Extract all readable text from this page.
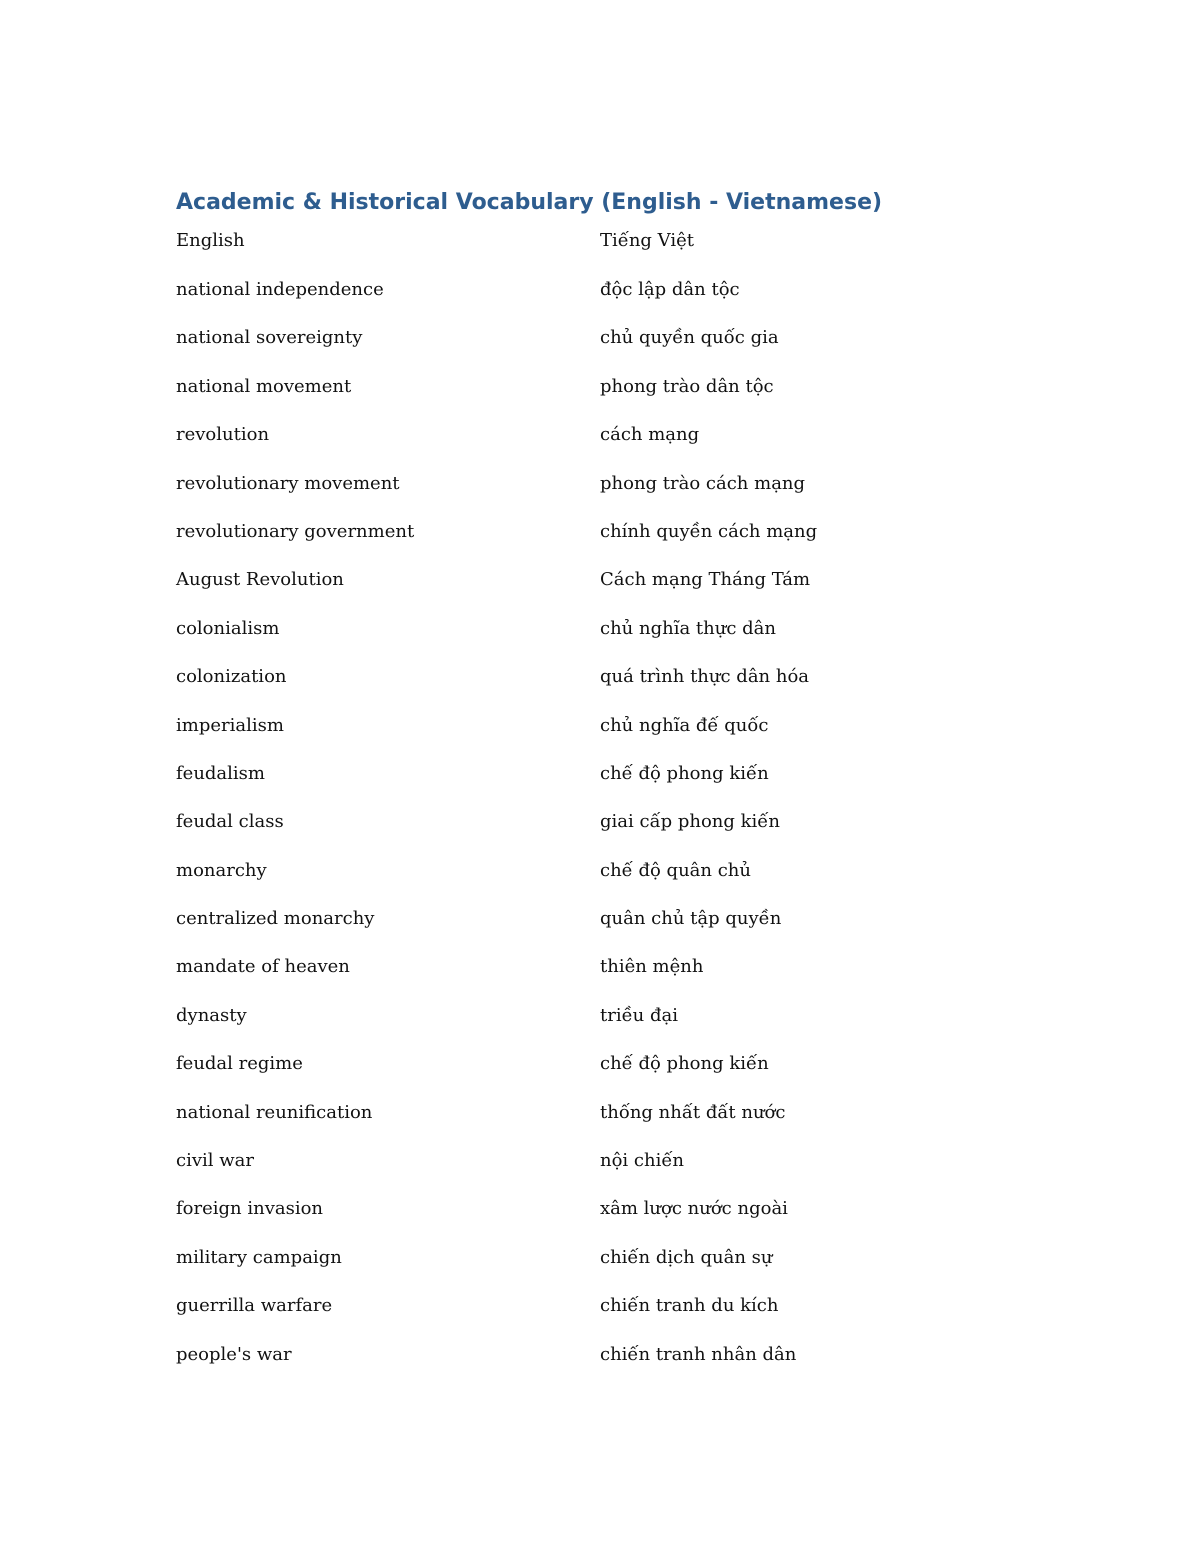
Academic & Historical Vocabulary (English - Vietnamese)
English	Tiếng Việt
national independence	độc lập dân tộc
national sovereignty	chủ quyền quốc gia
national movement	phong trào dân tộc
revolution	cách mạng
revolutionary movement	phong trào cách mạng
revolutionary government	chính quyền cách mạng
August Revolution	Cách mạng Tháng Tám
colonialism	chủ nghĩa thực dân
colonization	quá trình thực dân hóa
imperialism	chủ nghĩa đế quốc
feudalism	chế độ phong kiến
feudal class	giai cấp phong kiến
monarchy	chế độ quân chủ
centralized monarchy	quân chủ tập quyền
mandate of heaven	thiên mệnh
dynasty	triều đại
feudal regime	chế độ phong kiến
national reunification	thống nhất đất nước
civil war	nội chiến
foreign invasion	xâm lược nước ngoài
military campaign	chiến dịch quân sự
guerrilla warfare	chiến tranh du kích
people's war	chiến tranh nhân dân
